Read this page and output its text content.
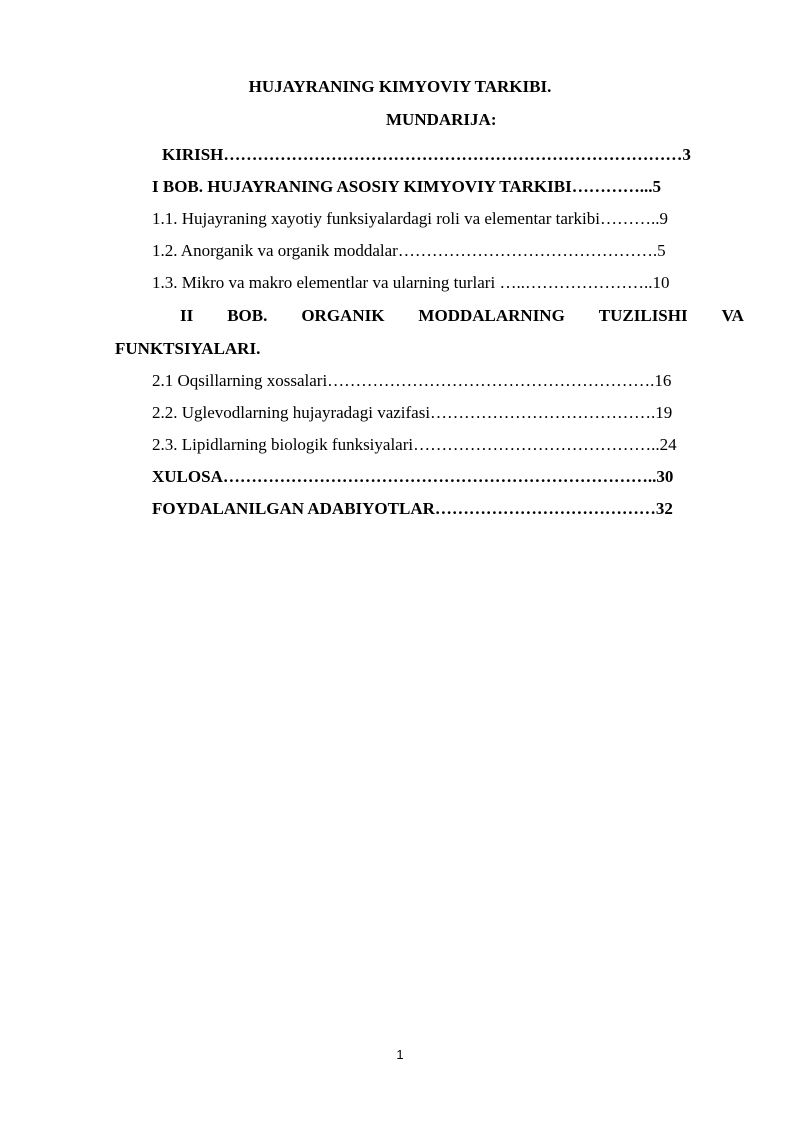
HUJAYRANING KIMYOVIY TARKIBI.
MUNDARIJA:
KIRISH………………………………………………………………………3
I BOB. HUJAYRANING ASOSIY KIMYOVIY TARKIBI…………...5
1.1. Hujayraning xayotiy funksiyalardagi roli va elementar tarkibi………..9
1.2. Anorganik va organik moddalar……………………………………….5
1.3. Mikro va makro elementlar va ularning turlari …..…………………..10
II BOB. ORGANIK MODDALARNING TUZILISHI VA
FUNKTSIYALARI.
2.1 Oqsillarning xossalari………………………………………………….16
2.2. Uglevodlarning hujayradagi vazifasi………………………………….19
2.3. Lipidlarning biologik funksiyalari……………………………………..24
XULOSA…………………………………………………………………..30
FOYDALANILGAN ADABIYOTLAR…………………………………32
1
